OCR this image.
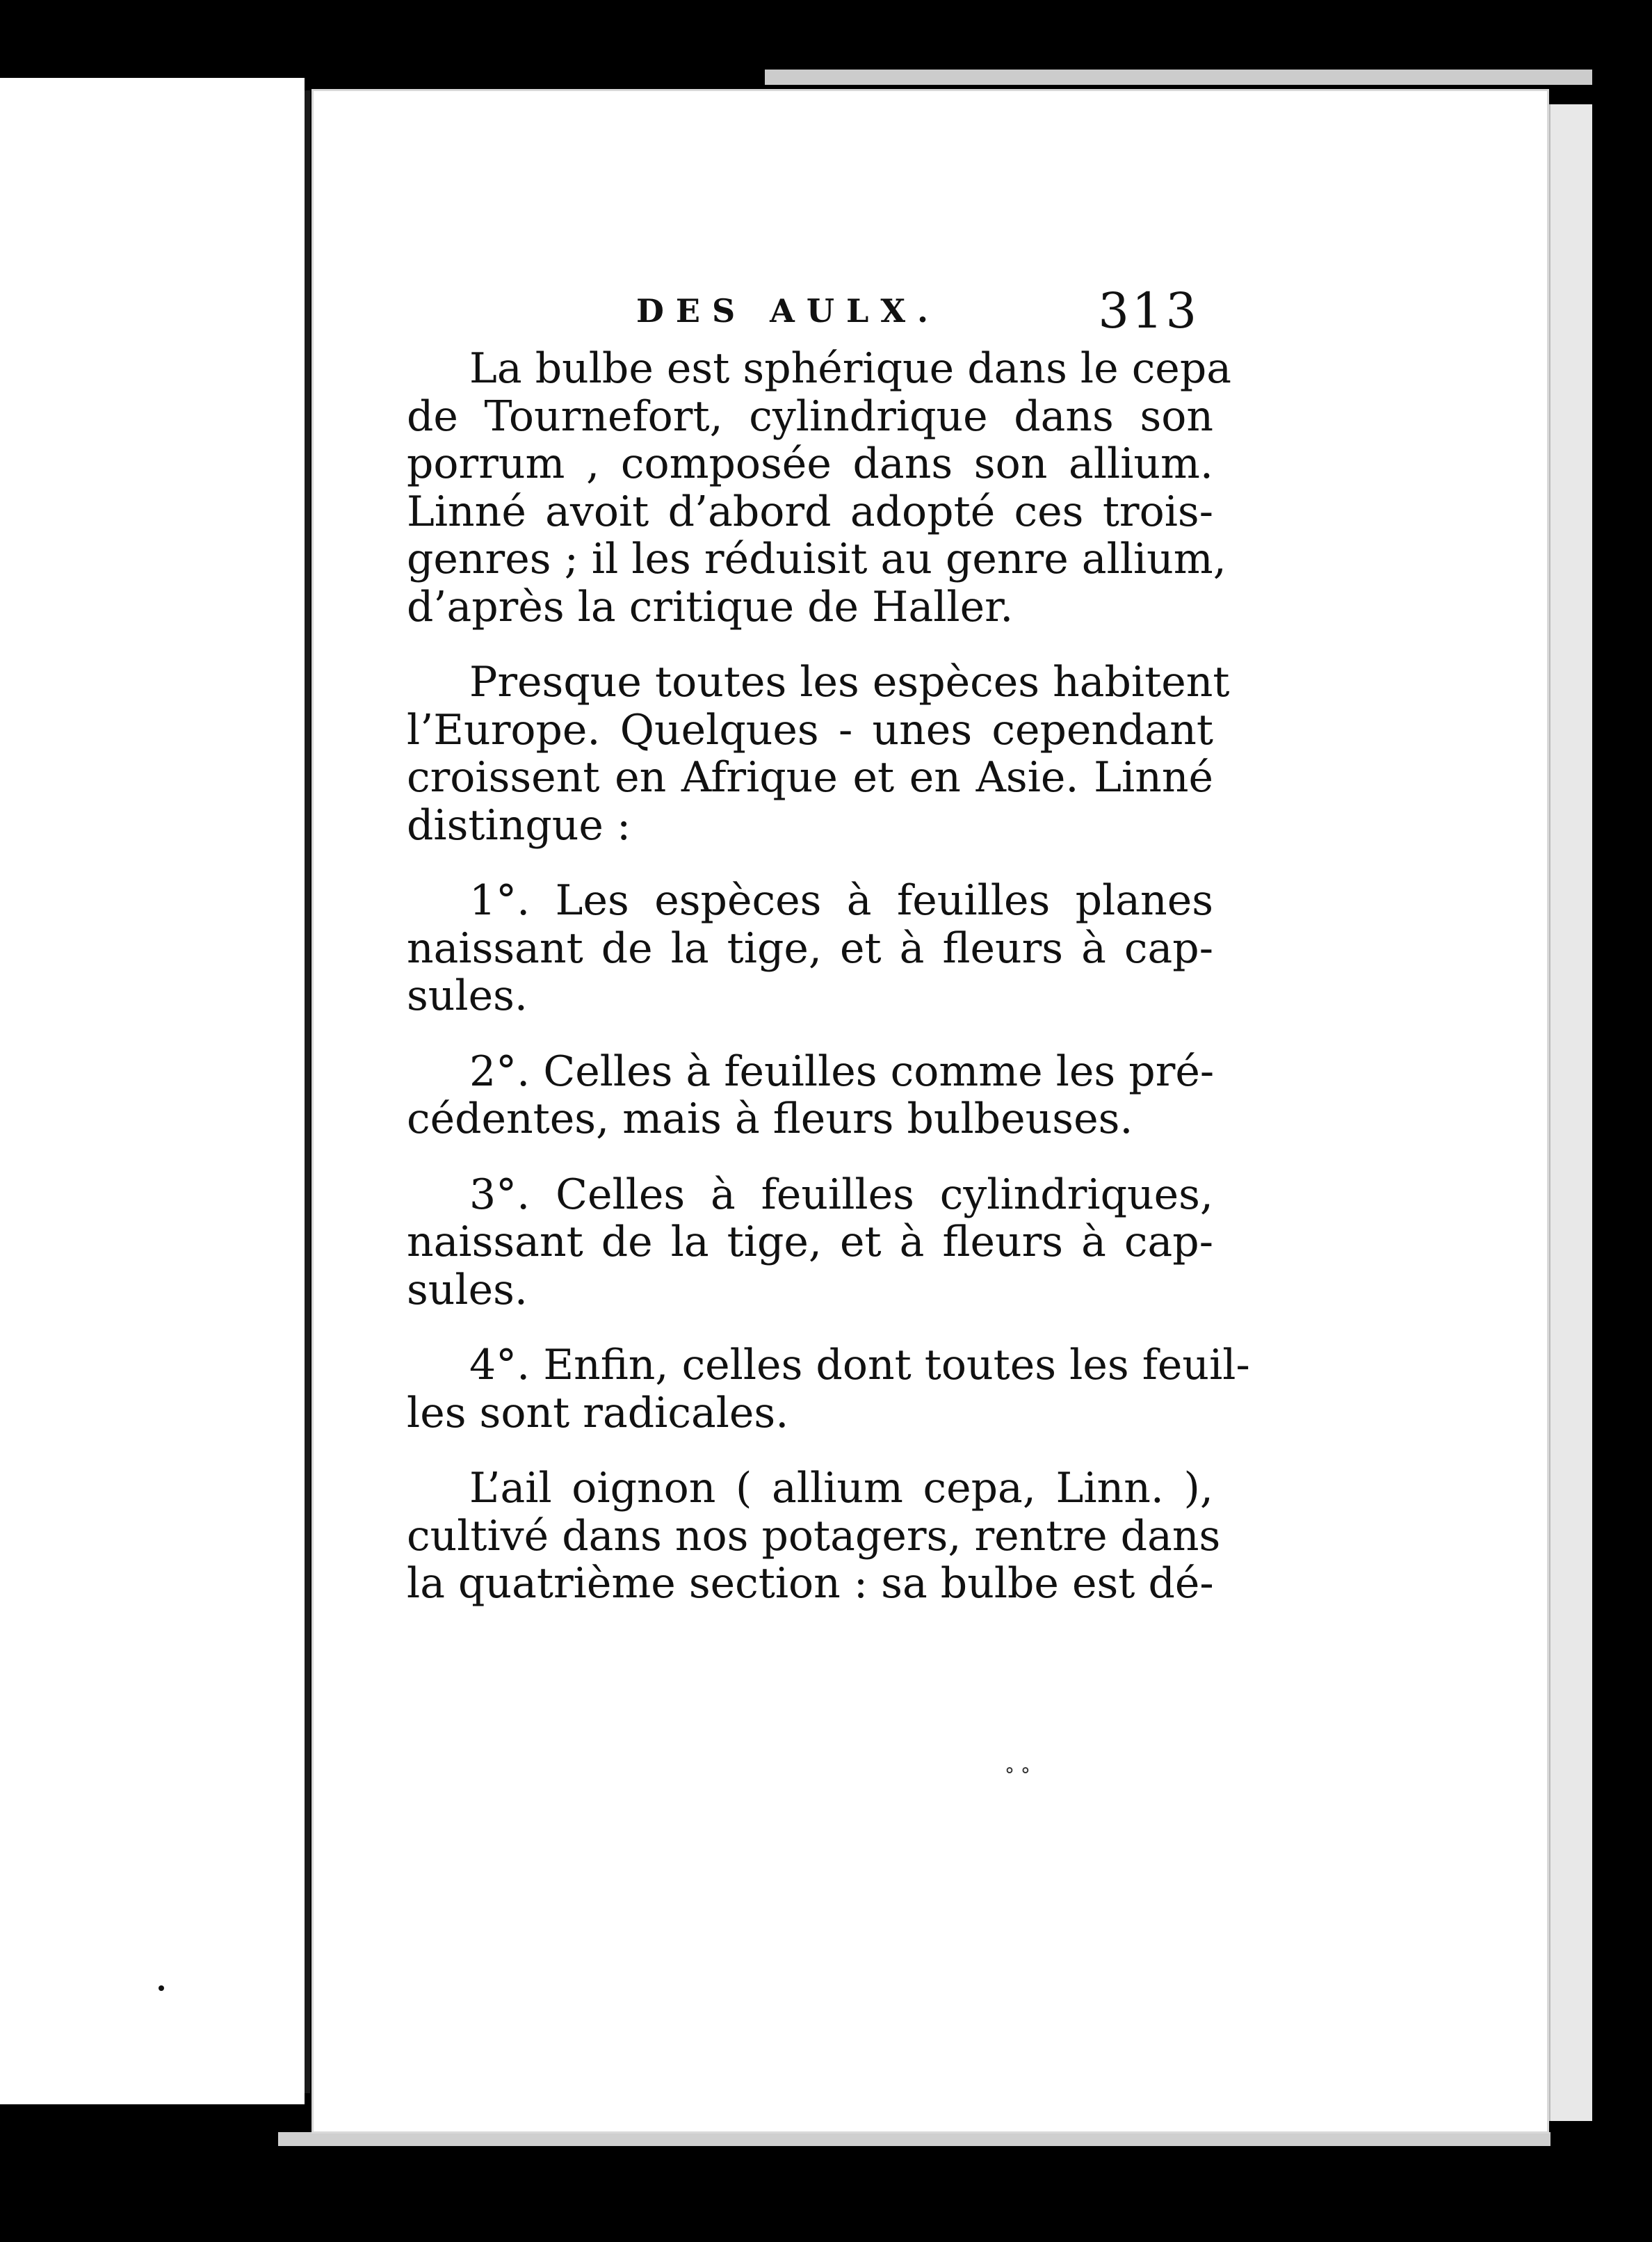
DES AULX.	313

La bulbe est sphérique dans le cepa

de Tournefort, cylindrique dans son

porrum , composée dans son allium.

Linné avoit d’abord adopté ces trois-

genres ; il les réduisit au genre allium,

d’après la critique de Haller.

Presque toutes les espèces habitent

l’Europe. Quelques - unes cependant

croissent en Afrique et en Asie. Linné

distingue :

1°. Les espèces à feuilles planes

naissant de la tige, et à fleurs à cap-

sules.

2°. Celles à feuilles comme les pré-

cédentes, mais à fleurs bulbeuses.

3°. Celles à feuilles cylindriques,

naissant de la tige, et à fleurs à cap-

sules.

4°. Enfin, celles dont toutes les feuil-

les sont radicales.

L’ail oignon ( allium cepa, Linn. ),

cultivé dans nos potagers, rentre dans

la quatrième section : sa bulbe est dé-

° °
